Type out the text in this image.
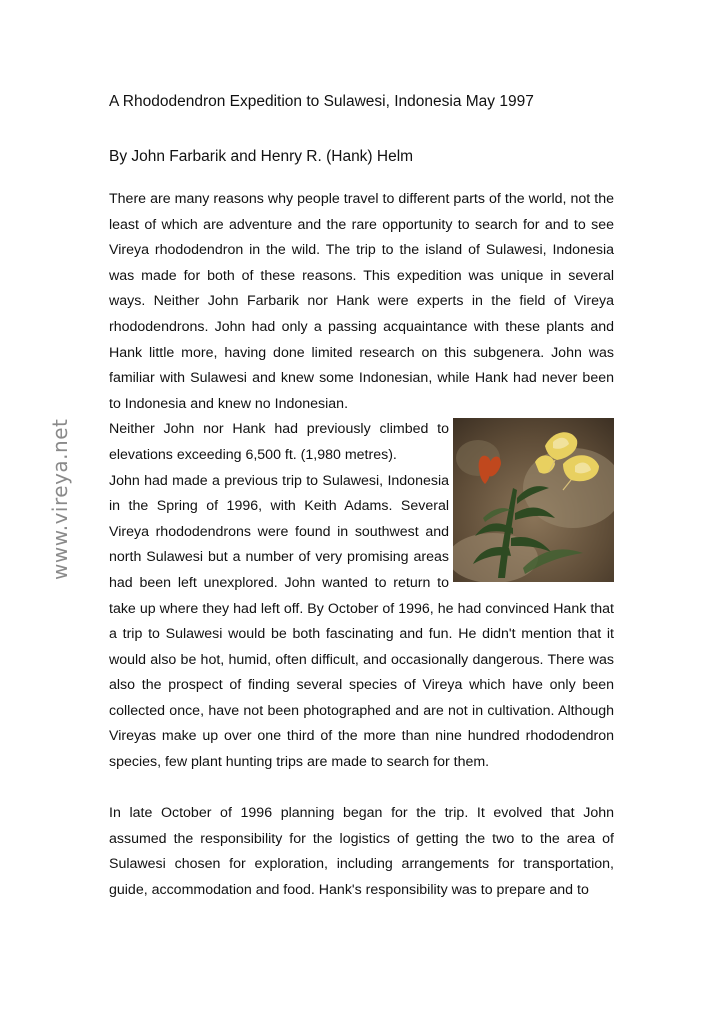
www.vireya.net
A Rhododendron Expedition to Sulawesi, Indonesia May 1997
By John Farbarik and Henry R. (Hank) Helm

There are many reasons why people travel to different parts of the world, not the least of which are adventure and the rare opportunity to search for and to see Vireya rhododendron in the wild. The trip to the island of Sulawesi, Indonesia was made for both of these reasons. This expedition was unique in several ways. Neither John Farbarik nor Hank were experts in the field of Vireya rhododendrons. John had only a passing acquaintance with these plants and Hank little more, having done limited research on this subgenera. John was familiar with Sulawesi and knew some Indonesian, while Hank had never been to Indonesia and knew no Indonesian.

Neither John nor Hank had previously climbed to elevations exceeding 6,500 ft. (1,980 metres).

John had made a previous trip to Sulawesi, Indonesia in the Spring of 1996, with Keith Adams. Several Vireya rhododendrons were found in southwest and north Sulawesi but a number of very promising areas had been left unexplored. John wanted to return to take up where they had left off. By October of 1996, he had convinced Hank that a trip to Sulawesi would be both fascinating and fun. He didn't mention that it would also be hot, humid, often difficult, and occasionally dangerous. There was also the prospect of finding several species of Vireya which have only been collected once, have not been photographed and are not in cultivation. Although Vireyas make up over one third of the more than nine hundred rhododendron species, few plant hunting trips are made to search for them.

In late October of 1996 planning began for the trip. It evolved that John assumed the responsibility for the logistics of getting the two to the area of Sulawesi chosen for exploration, including arrangements for transportation, guide, accommodation and food. Hank's responsibility was to prepare and to
